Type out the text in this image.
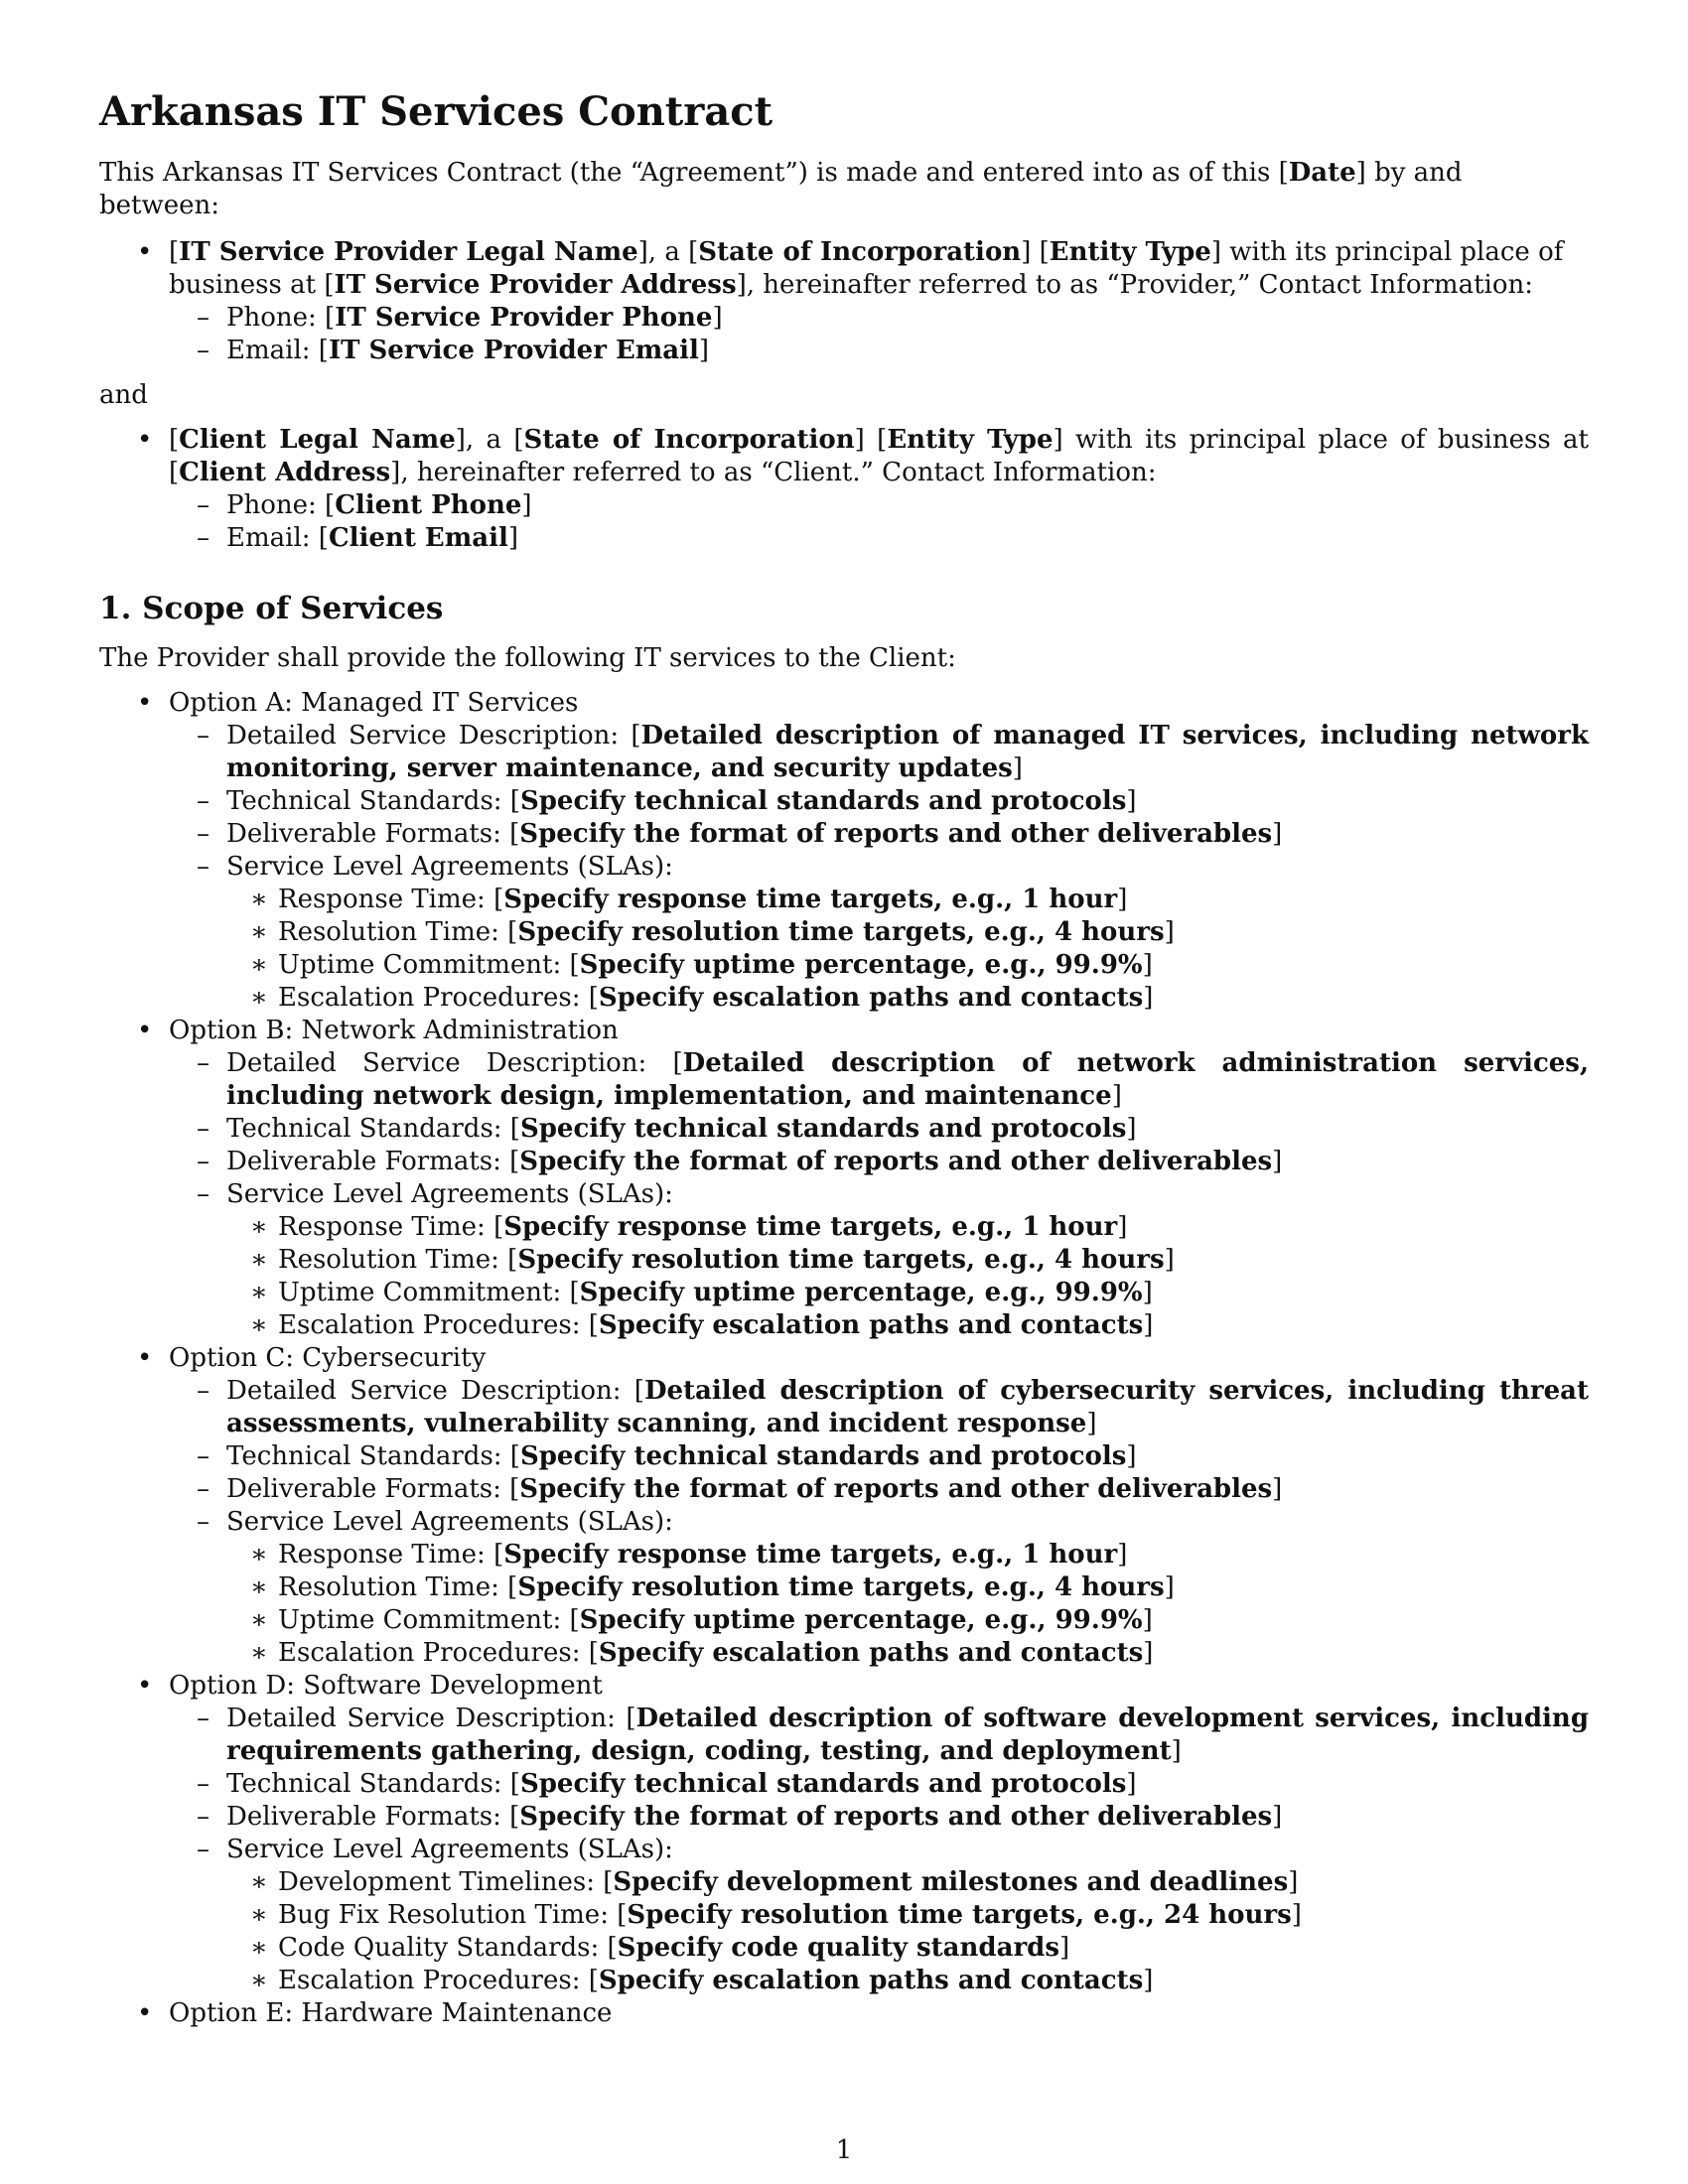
Arkansas IT Services Contract

This Arkansas IT Services Contract (the “Agreement”) is made and entered into as of this [Date] by and between:

• [IT Service Provider Legal Name], a [State of Incorporation] [Entity Type] with its principal place of business at [IT Service Provider Address], hereinafter referred to as “Provider,” Contact Information:
– Phone: [IT Service Provider Phone]
– Email: [IT Service Provider Email]

and

• [Client Legal Name], a [State of Incorporation] [Entity Type] with its principal place of business at [Client Address], hereinafter referred to as “Client.” Contact Information:
– Phone: [Client Phone]
– Email: [Client Email]
1. Scope of Services

The Provider shall provide the following IT services to the Client:

• Option A: Managed IT Services
– Detailed Service Description: [Detailed description of managed IT services, including network monitoring, server maintenance, and security updates]
– Technical Standards: [Specify technical standards and protocols]
– Deliverable Formats: [Specify the format of reports and other deliverables]
– Service Level Agreements (SLAs):
∗ Response Time: [Specify response time targets, e.g., 1 hour]
∗ Resolution Time: [Specify resolution time targets, e.g., 4 hours]
∗ Uptime Commitment: [Specify uptime percentage, e.g., 99.9%]
∗ Escalation Procedures: [Specify escalation paths and contacts]
• Option B: Network Administration
– Detailed Service Description: [Detailed description of network administration services, including network design, implementation, and maintenance]
– Technical Standards: [Specify technical standards and protocols]
– Deliverable Formats: [Specify the format of reports and other deliverables]
– Service Level Agreements (SLAs):
∗ Response Time: [Specify response time targets, e.g., 1 hour]
∗ Resolution Time: [Specify resolution time targets, e.g., 4 hours]
∗ Uptime Commitment: [Specify uptime percentage, e.g., 99.9%]
∗ Escalation Procedures: [Specify escalation paths and contacts]
• Option C: Cybersecurity
– Detailed Service Description: [Detailed description of cybersecurity services, including threat assessments, vulnerability scanning, and incident response]
– Technical Standards: [Specify technical standards and protocols]
– Deliverable Formats: [Specify the format of reports and other deliverables]
– Service Level Agreements (SLAs):
∗ Response Time: [Specify response time targets, e.g., 1 hour]
∗ Resolution Time: [Specify resolution time targets, e.g., 4 hours]
∗ Uptime Commitment: [Specify uptime percentage, e.g., 99.9%]
∗ Escalation Procedures: [Specify escalation paths and contacts]
• Option D: Software Development
– Detailed Service Description: [Detailed description of software development services, including requirements gathering, design, coding, testing, and deployment]
– Technical Standards: [Specify technical standards and protocols]
– Deliverable Formats: [Specify the format of reports and other deliverables]
– Service Level Agreements (SLAs):
∗ Development Timelines: [Specify development milestones and deadlines]
∗ Bug Fix Resolution Time: [Specify resolution time targets, e.g., 24 hours]
∗ Code Quality Standards: [Specify code quality standards]
∗ Escalation Procedures: [Specify escalation paths and contacts]
• Option E: Hardware Maintenance
1
